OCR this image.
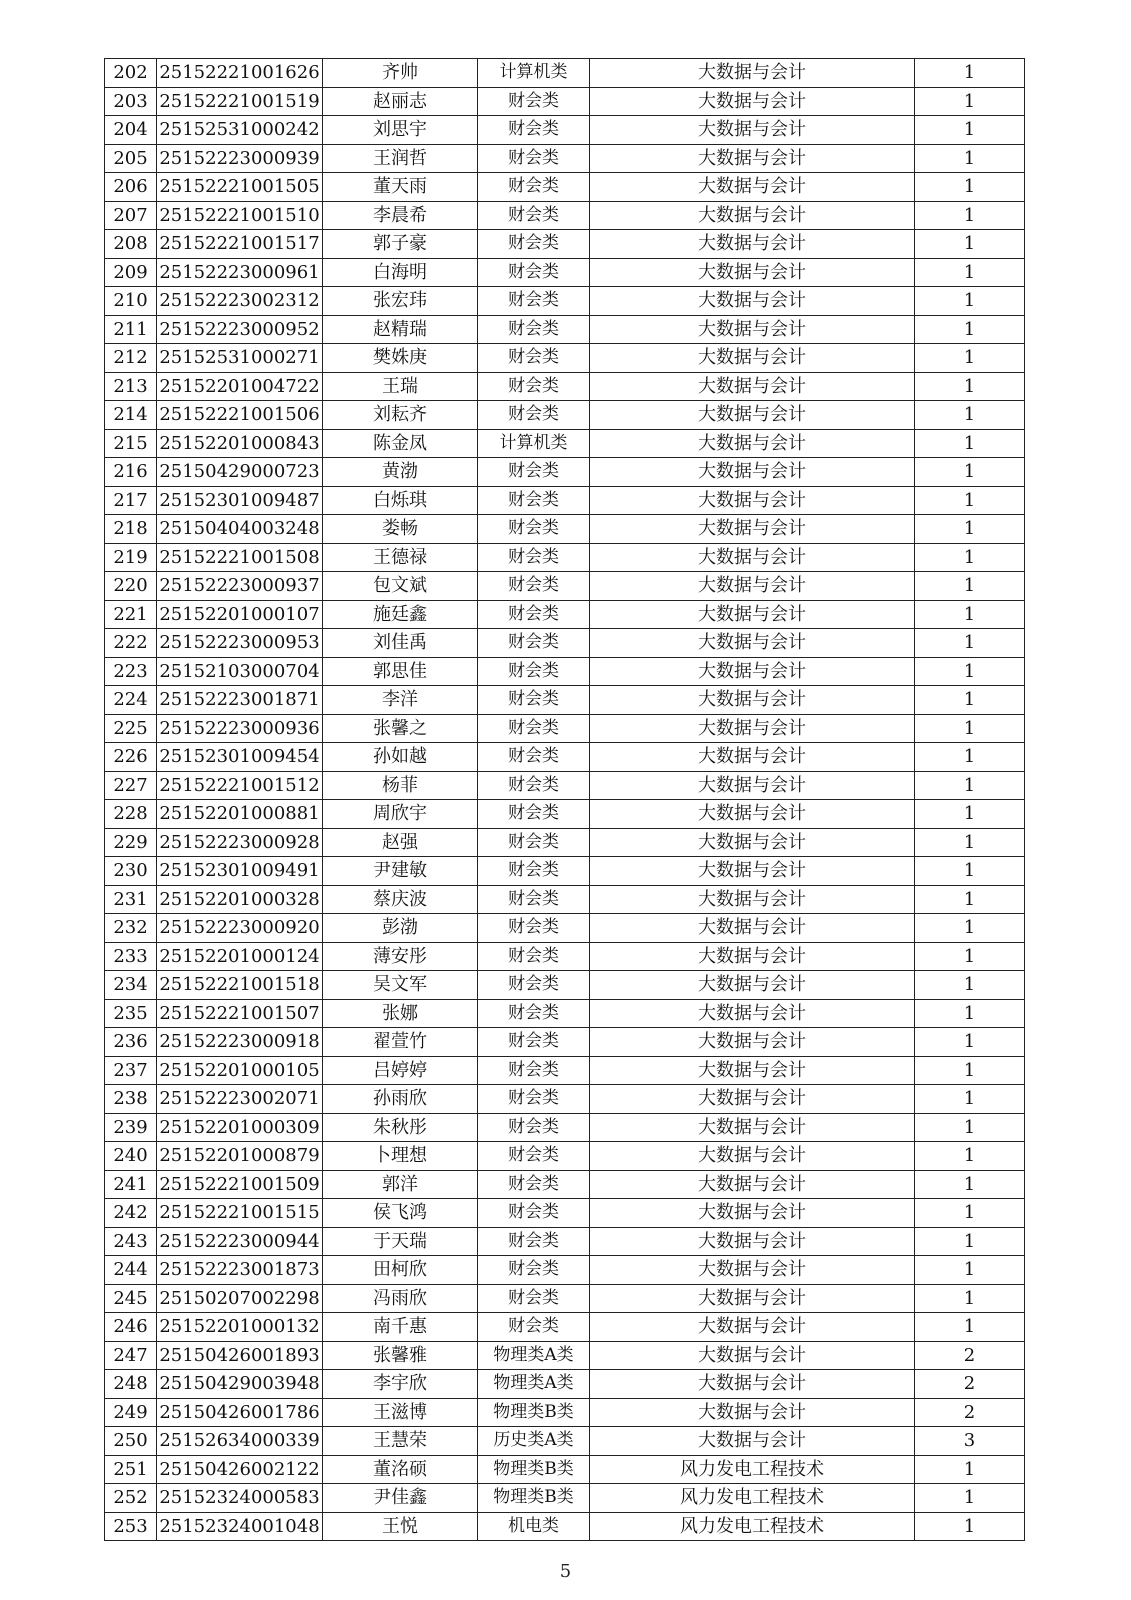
202	25152221001626	齐帅	计算机类	大数据与会计	1
203	25152221001519	赵丽志	财会类	大数据与会计	1
204	25152531000242	刘思宇	财会类	大数据与会计	1
205	25152223000939	王润哲	财会类	大数据与会计	1
206	25152221001505	董天雨	财会类	大数据与会计	1
207	25152221001510	李晨希	财会类	大数据与会计	1
208	25152221001517	郭子豪	财会类	大数据与会计	1
209	25152223000961	白海明	财会类	大数据与会计	1
210	25152223002312	张宏玮	财会类	大数据与会计	1
211	25152223000952	赵精瑞	财会类	大数据与会计	1
212	25152531000271	樊姝庚	财会类	大数据与会计	1
213	25152201004722	王瑞	财会类	大数据与会计	1
214	25152221001506	刘耘齐	财会类	大数据与会计	1
215	25152201000843	陈金凤	计算机类	大数据与会计	1
216	25150429000723	黄渤	财会类	大数据与会计	1
217	25152301009487	白烁琪	财会类	大数据与会计	1
218	25150404003248	娄畅	财会类	大数据与会计	1
219	25152221001508	王德禄	财会类	大数据与会计	1
220	25152223000937	包文斌	财会类	大数据与会计	1
221	25152201000107	施廷鑫	财会类	大数据与会计	1
222	25152223000953	刘佳禹	财会类	大数据与会计	1
223	25152103000704	郭思佳	财会类	大数据与会计	1
224	25152223001871	李洋	财会类	大数据与会计	1
225	25152223000936	张馨之	财会类	大数据与会计	1
226	25152301009454	孙如越	财会类	大数据与会计	1
227	25152221001512	杨菲	财会类	大数据与会计	1
228	25152201000881	周欣宇	财会类	大数据与会计	1
229	25152223000928	赵强	财会类	大数据与会计	1
230	25152301009491	尹建敏	财会类	大数据与会计	1
231	25152201000328	蔡庆波	财会类	大数据与会计	1
232	25152223000920	彭渤	财会类	大数据与会计	1
233	25152201000124	薄安彤	财会类	大数据与会计	1
234	25152221001518	吴文军	财会类	大数据与会计	1
235	25152221001507	张娜	财会类	大数据与会计	1
236	25152223000918	翟萱竹	财会类	大数据与会计	1
237	25152201000105	吕婷婷	财会类	大数据与会计	1
238	25152223002071	孙雨欣	财会类	大数据与会计	1
239	25152201000309	朱秋彤	财会类	大数据与会计	1
240	25152201000879	卜理想	财会类	大数据与会计	1
241	25152221001509	郭洋	财会类	大数据与会计	1
242	25152221001515	侯飞鸿	财会类	大数据与会计	1
243	25152223000944	于天瑞	财会类	大数据与会计	1
244	25152223001873	田柯欣	财会类	大数据与会计	1
245	25150207002298	冯雨欣	财会类	大数据与会计	1
246	25152201000132	南千惠	财会类	大数据与会计	1
247	25150426001893	张馨雅	物理类A类	大数据与会计	2
248	25150429003948	李宇欣	物理类A类	大数据与会计	2
249	25150426001786	王滋博	物理类B类	大数据与会计	2
250	25152634000339	王慧荣	历史类A类	大数据与会计	3
251	25150426002122	董洺硕	物理类B类	风力发电工程技术	1
252	25152324000583	尹佳鑫	物理类B类	风力发电工程技术	1
253	25152324001048	王悦	机电类	风力发电工程技术	1
5
